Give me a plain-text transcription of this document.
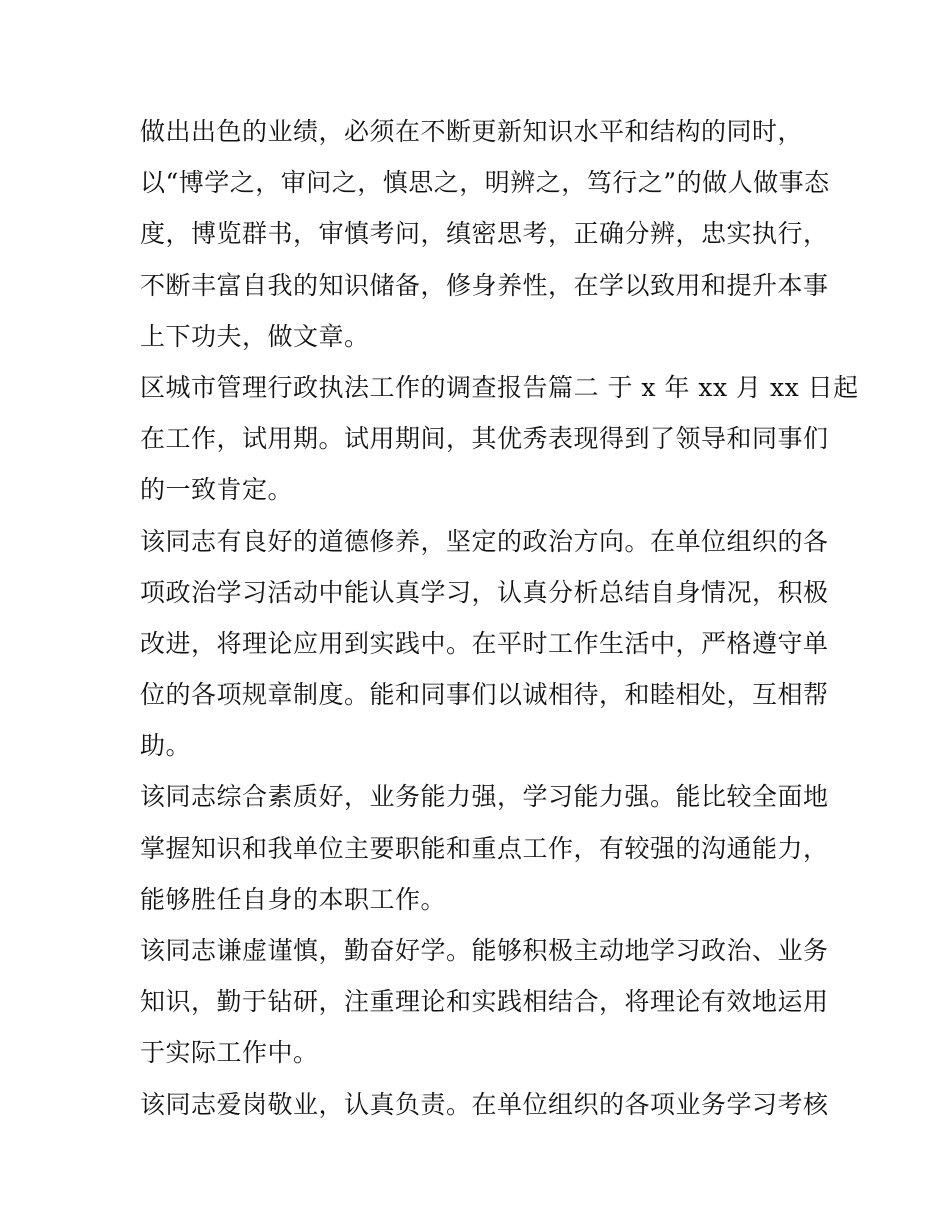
做出出色的业绩，必须在不断更新知识水平和结构的同时，
以“博学之，审问之，慎思之，明辨之，笃行之”的做人做事态
度，博览群书，审慎考问，缜密思考，正确分辨，忠实执行，
不断丰富自我的知识储备，修身养性，在学以致用和提升本事
上下功夫，做文章。
区城市管理行政执法工作的调查报告篇二 于 x 年 xx 月 xx 日起
在工作，试用期。试用期间，其优秀表现得到了领导和同事们
的一致肯定。
该同志有良好的道德修养，坚定的政治方向。在单位组织的各
项政治学习活动中能认真学习，认真分析总结自身情况，积极
改进，将理论应用到实践中。在平时工作生活中，严格遵守单
位的各项规章制度。能和同事们以诚相待，和睦相处，互相帮
助。
该同志综合素质好，业务能力强，学习能力强。能比较全面地
掌握知识和我单位主要职能和重点工作，有较强的沟通能力，
能够胜任自身的本职工作。
该同志谦虚谨慎，勤奋好学。能够积极主动地学习政治、业务
知识，勤于钻研，注重理论和实践相结合，将理论有效地运用
于实际工作中。
该同志爱岗敬业，认真负责。在单位组织的各项业务学习考核
